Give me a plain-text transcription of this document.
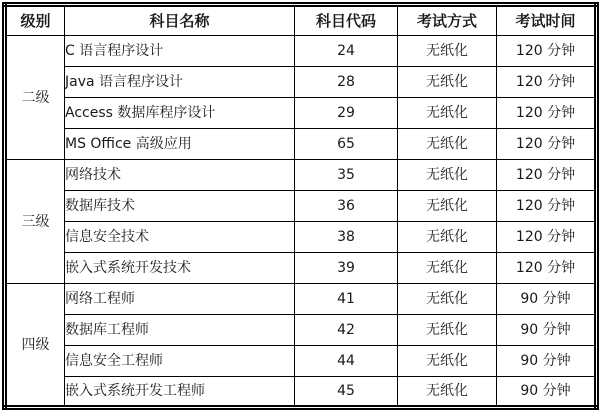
级别	科目名称	科目代码	考试方式	考试时间
二级	C 语言程序设计	24	无纸化	120 分钟
	Java 语言程序设计	28	无纸化	120 分钟
	Access 数据库程序设计	29	无纸化	120 分钟
	MS Office 高级应用	65	无纸化	120 分钟
三级	网络技术	35	无纸化	120 分钟
	数据库技术	36	无纸化	120 分钟
	信息安全技术	38	无纸化	120 分钟
	嵌入式系统开发技术	39	无纸化	120 分钟
四级	网络工程师	41	无纸化	90 分钟
	数据库工程师	42	无纸化	90 分钟
	信息安全工程师	44	无纸化	90 分钟
	嵌入式系统开发工程师	45	无纸化	90 分钟
